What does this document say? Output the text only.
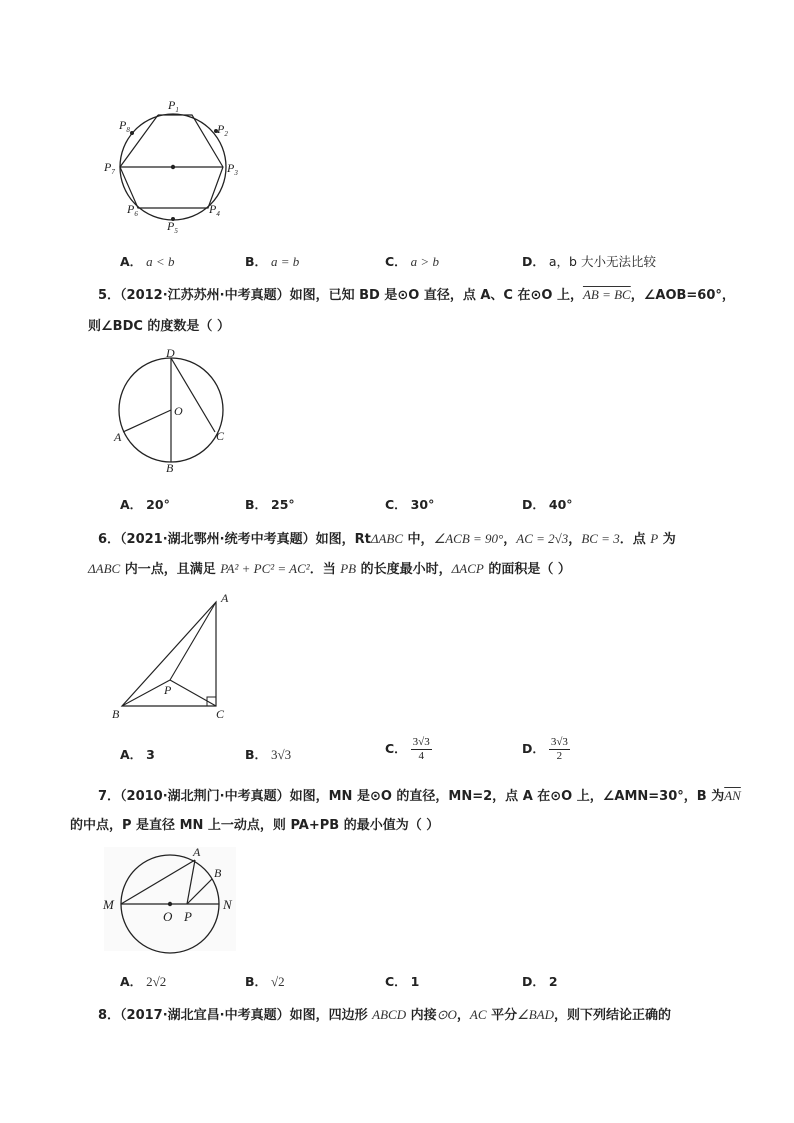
$P_1$
$P_2$
$P_3$
$P_4$
$P_5$
$P_6$
$P_7$
$P_8$
A． a < b	B． a = b	C． a > b	D． a，b 大小无法比较
5．（2012·江苏苏州·中考真题）如图，已知 BD 是⊙O 直径，点 A、C 在⊙O 上，AB = BC，∠AOB=60°，
则∠BDC 的度数是（ ）
D
O
A	C
B
A． 20°	B． 25°	C． 30°	D． 40°
6．（2021·湖北鄂州·统考中考真题）如图，RtΔABC 中，∠ACB = 90°，AC = 2√3，BC = 3．点 P 为
ΔABC 内一点，且满足 PA² + PC² = AC²．当 PB 的长度最小时，ΔACP 的面积是（ ）
A
B	C
P
A． 3	B． 3√3	C． $\frac{3√3}{4}$	D． $\frac{3√3}{2}$
7．（2010·湖北荆门·中考真题）如图，MN 是⊙O 的直径，MN=2，点 A 在⊙O 上，∠AMN=30°，B 为$\overline{AN}$
的中点，P 是直径 MN 上一动点，则 PA+PB 的最小值为（ ）
M	N
O P
A
B
A． 2√2	B． √2	C． 1	D． 2
8．（2017·湖北宜昌·中考真题）如图，四边形 ABCD 内接⊙O，AC 平分∠BAD，则下列结论正确的
